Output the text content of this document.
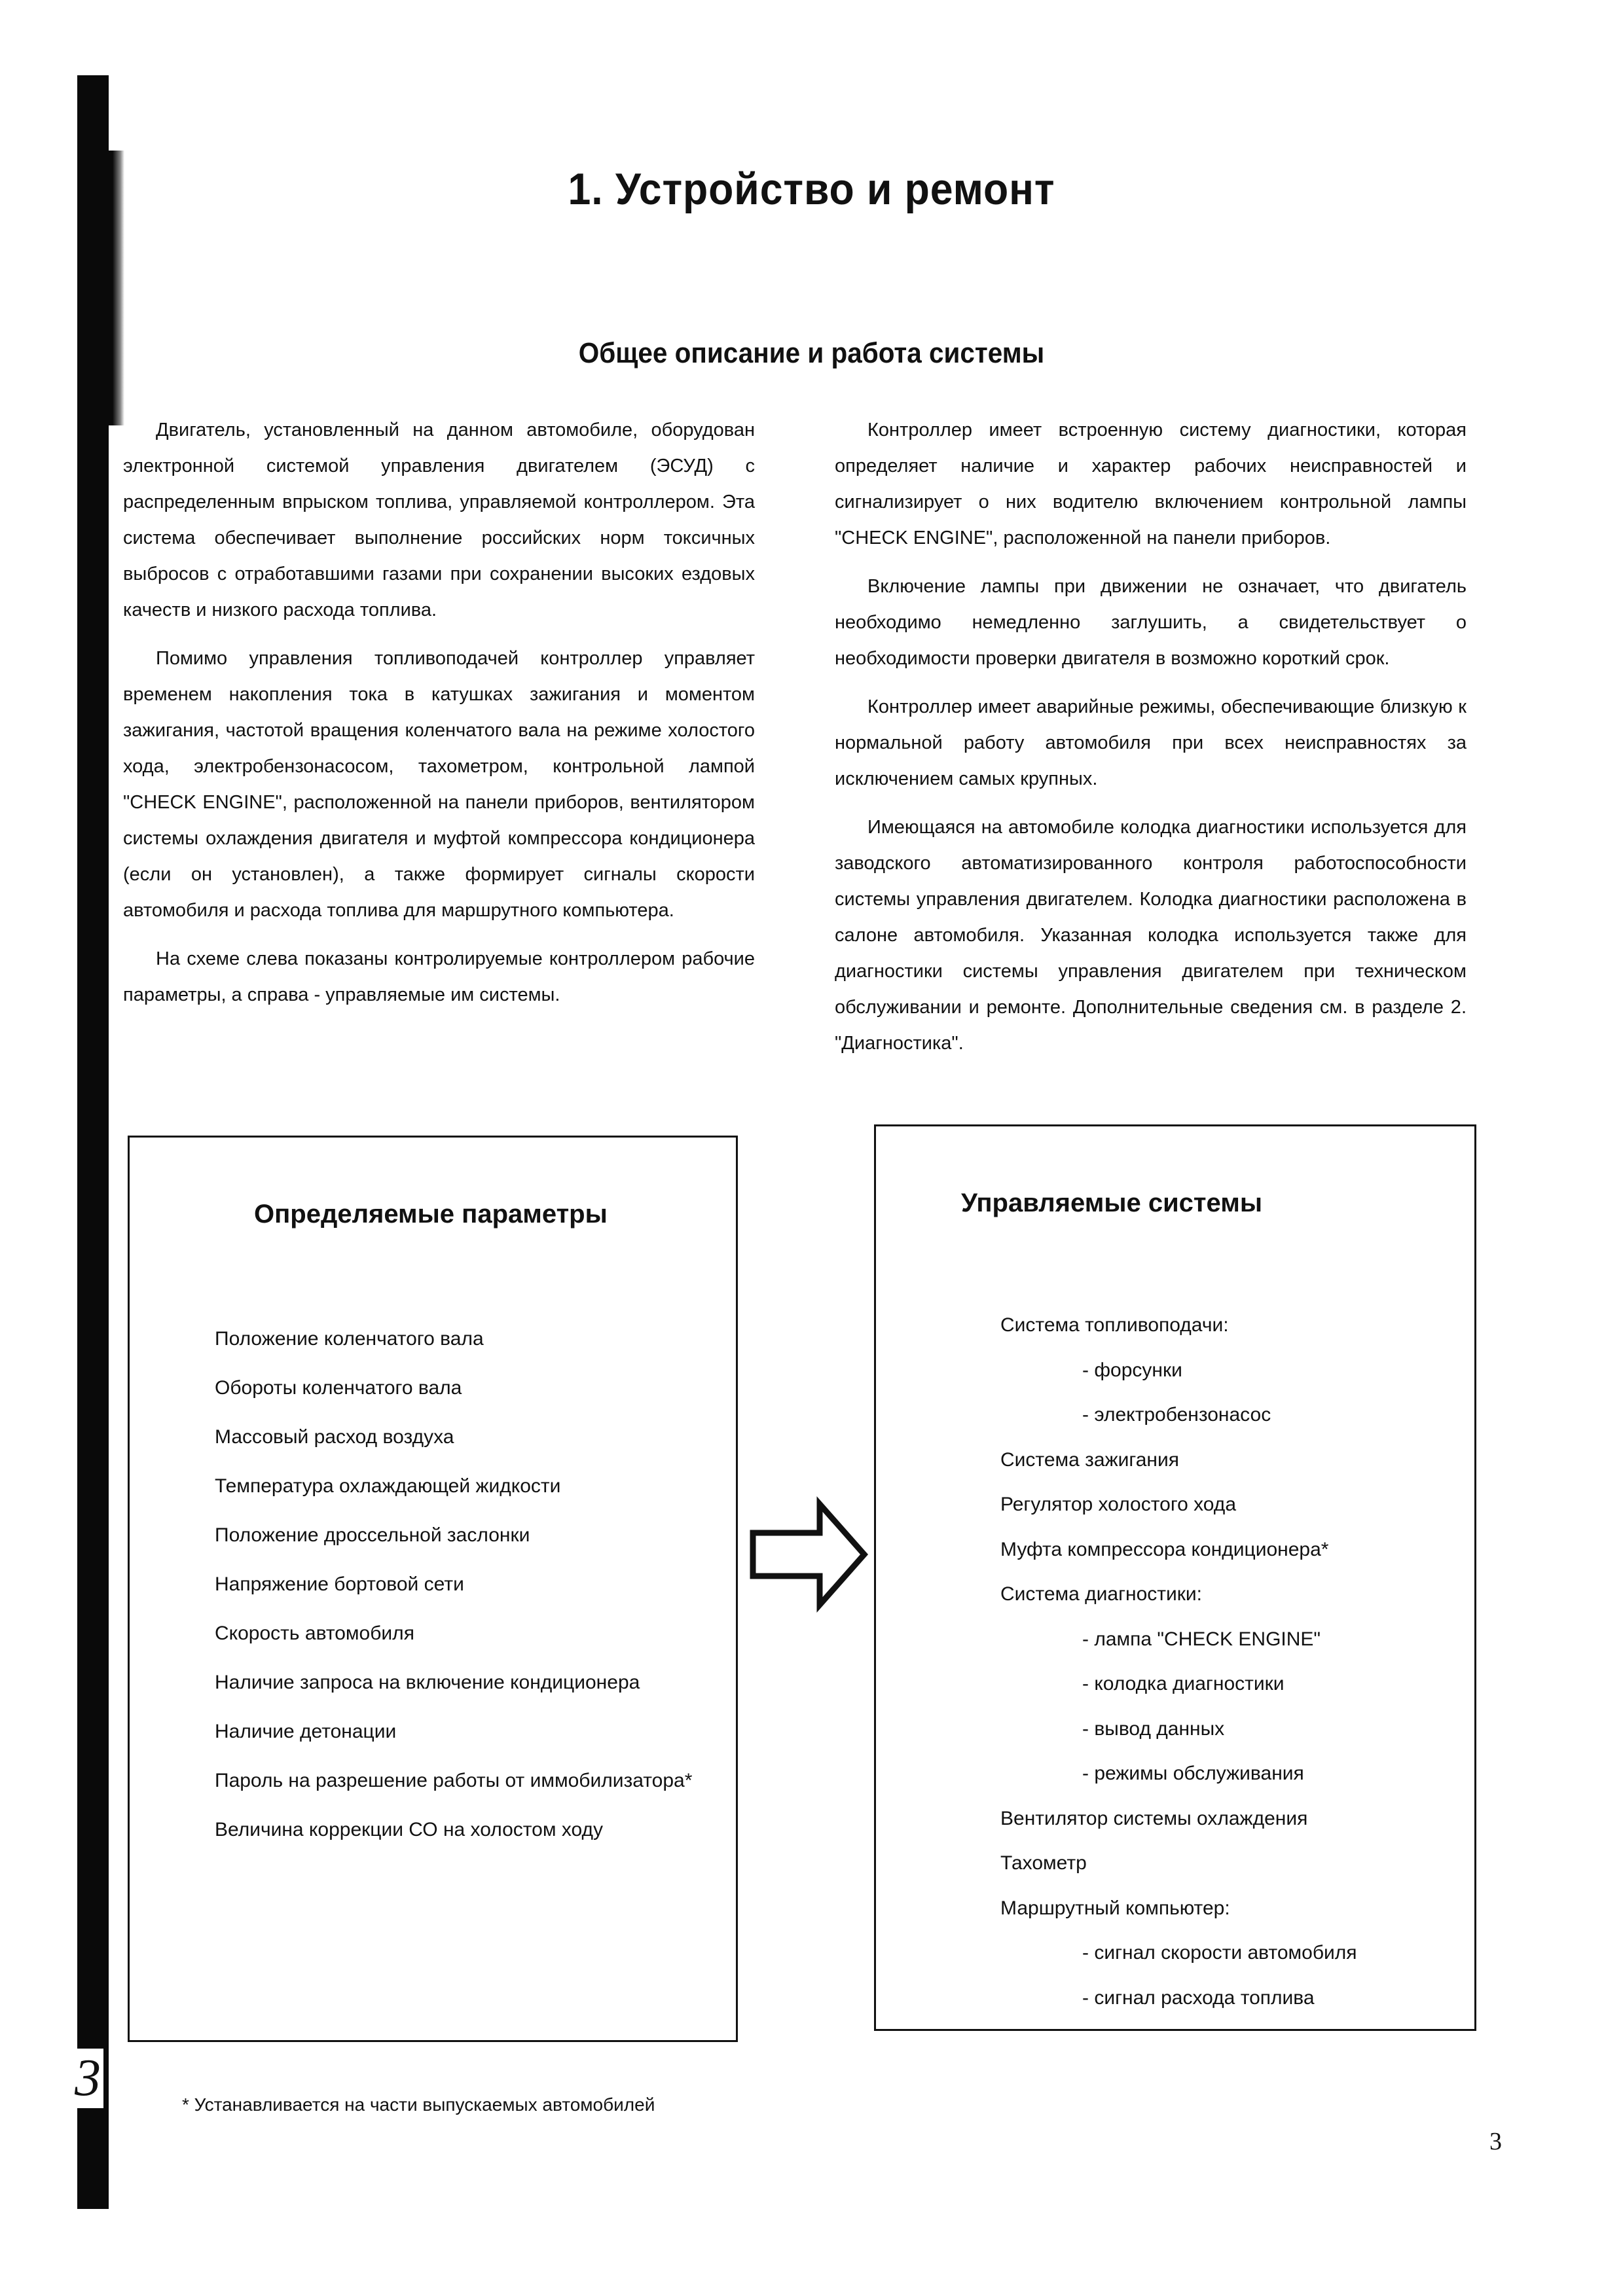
1. Устройство и ремонт
Общее описание и работа системы

Двигатель, установленный на данном автомобиле, оборудован электронной системой управления двигателем (ЭСУД) с распределенным впрыском топлива, управляемой контроллером. Эта система обеспечивает выполнение российских норм токсичных выбросов с отработавшими газами при сохранении высоких ездовых качеств и низкого расхода топлива.

Помимо управления топливоподачей контроллер управляет временем накопления тока в катушках зажигания и моментом зажигания, частотой вращения коленчатого вала на режиме холостого хода, электробензонасосом, тахометром, контрольной лампой "CHECK ENGINE", расположенной на панели приборов, вентилятором системы охлаждения двигателя и муфтой компрессора кондиционера (если он установлен), а также формирует сигналы скорости автомобиля и расхода топлива для маршрутного компьютера.

На схеме слева показаны контролируемые контроллером рабочие параметры, а справа - управляемые им системы.

Контроллер имеет встроенную систему диагностики, которая определяет наличие и характер рабочих неисправностей и сигнализирует о них водителю включением контрольной лампы "CHECK ENGINE", расположенной на панели приборов.

Включение лампы при движении не означает, что двигатель необходимо немедленно заглушить, а свидетельствует о необходимости проверки двигателя в возможно короткий срок.

Контроллер имеет аварийные режимы, обеспечивающие близкую к нормальной работу автомобиля при всех неисправностях за исключением самых крупных.

Имеющаяся на автомобиле колодка диагностики используется для заводского автоматизированного контроля работоспособности системы управления двигателем. Колодка диагностики расположена в салоне автомобиля. Указанная колодка используется также для диагностики системы управления двигателем при техническом обслуживании и ремонте. Дополнительные сведения см. в разделе 2. "Диагностика".

Определяемые параметры
Положение коленчатого вала
Обороты коленчатого вала
Массовый расход воздуха
Температура охлаждающей жидкости
Положение дроссельной заслонки
Напряжение бортовой сети
Скорость автомобиля
Наличие запроса на включение кондиционера
Наличие детонации
Пароль на разрешение работы от иммобилизатора*
Величина коррекции СО на холостом ходу
Управляемые системы
Система топливоподачи:
- форсунки
- электробензонасос
Система зажигания
Регулятор холостого хода
Муфта компрессора кондиционера*
Система диагностики:
- лампа "CHECK ENGINE"
- колодка диагностики
- вывод данных
- режимы обслуживания
Вентилятор системы охлаждения
Тахометр
Маршрутный компьютер:
- сигнал скорости автомобиля
- сигнал расхода топлива
3	* Устанавливается на части выпускаемых автомобилей
3
